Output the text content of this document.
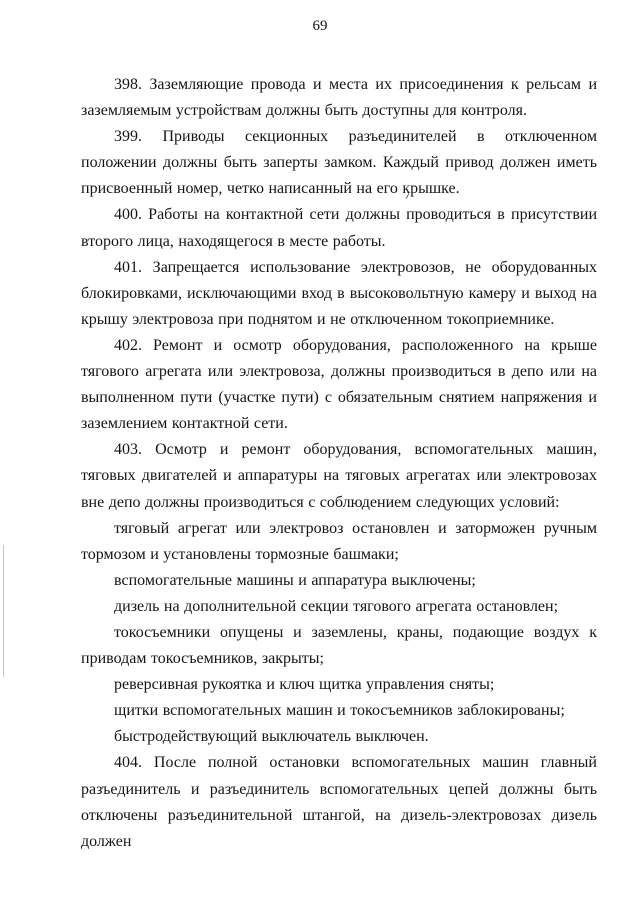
69

398. Заземляющие провода и места их присоединения к рельсам и заземляемым устройствам должны быть доступны для контроля.

399. Приводы секционных разъединителей в отключенном положении должны быть заперты замком. Каждый привод должен иметь присвоенный номер, четко написанный на его крышке.

400. Работы на контактной сети должны проводиться в присутствии второго лица, находящегося в месте работы.

401. Запрещается использование электровозов, не оборудованных блокировками, исключающими вход в высоковольтную камеру и выход на крышу электровоза при поднятом и не отключенном токоприемнике.

402. Ремонт и осмотр оборудования, расположенного на крыше тягового агрегата или электровоза, должны производиться в депо или на выполненном пути (участке пути) с обязательным снятием напряжения и заземлением контактной сети.

403. Осмотр и ремонт оборудования, вспомогательных машин, тяговых двигателей и аппаратуры на тяговых агрегатах или электровозах вне депо должны производиться с соблюдением следующих условий:

тяговый агрегат или электровоз остановлен и заторможен ручным тормозом и установлены тормозные башмаки;

вспомогательные машины и аппаратура выключены;

дизель на дополнительной секции тягового агрегата остановлен;

токосъемники опущены и заземлены, краны, подающие воздух к приводам токосъемников, закрыты;

реверсивная рукоятка и ключ щитка управления сняты;

щитки вспомогательных машин и токосъемников заблокированы;

быстродействующий выключатель выключен.

404. После полной остановки вспомогательных машин главный разъединитель и разъединитель вспомогательных цепей должны быть отключены разъединительной штангой, на дизель-электровозах дизель должен
